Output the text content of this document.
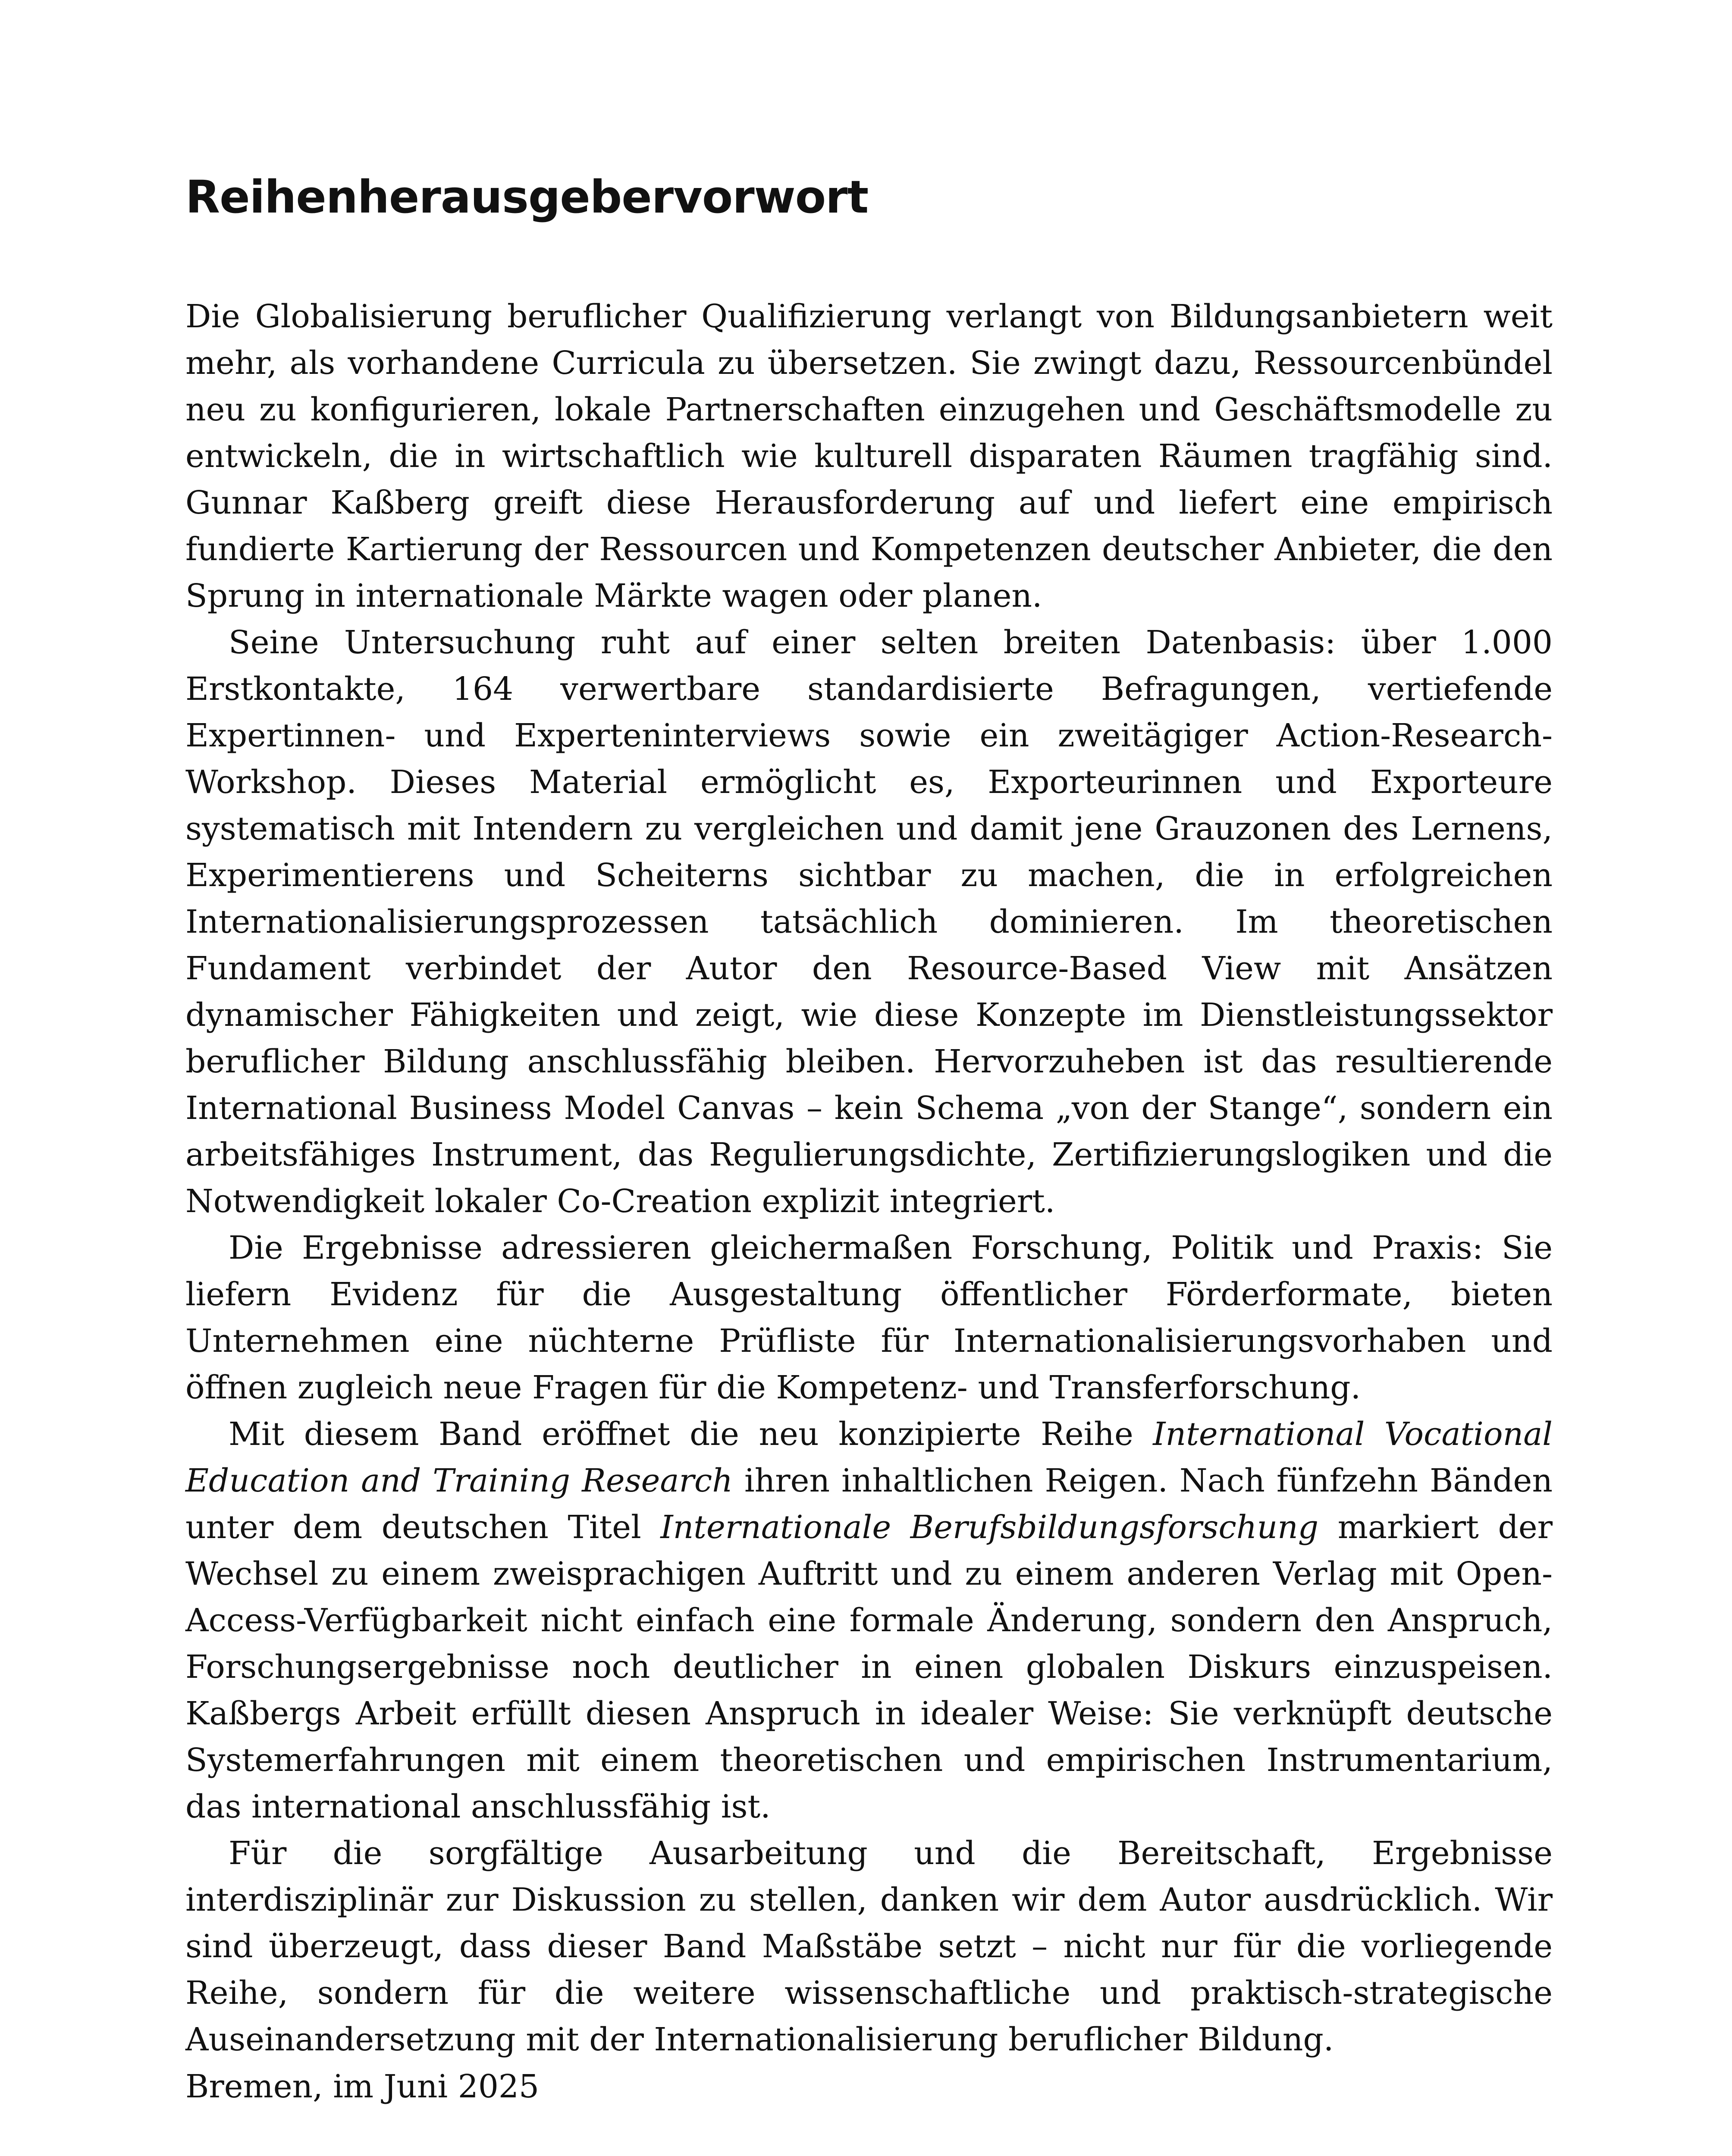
Reihenherausgebervorwort

Die Globalisierung beruflicher Qualifizierung verlangt von Bildungsanbietern weit mehr, als vorhandene Curricula zu übersetzen. Sie zwingt dazu, Ressourcenbündel neu zu konfigurieren, lokale Partnerschaften einzugehen und Geschäftsmodelle zu entwickeln, die in wirtschaftlich wie kulturell disparaten Räumen tragfähig sind. Gunnar Kaßberg greift diese Herausforderung auf und liefert eine empirisch fundierte Kartierung der Ressourcen und Kompetenzen deutscher Anbieter, die den Sprung in internationale Märkte wagen oder planen.

Seine Untersuchung ruht auf einer selten breiten Datenbasis: über 1.000 Erstkontakte, 164 verwertbare standardisierte Befragungen, vertiefende Expertinnen- und Experteninterviews sowie ein zweitägiger Action-Research-Workshop. Dieses Material ermöglicht es, Exporteurinnen und Exporteure systematisch mit Intendern zu vergleichen und damit jene Grauzonen des Lernens, Experimentierens und Scheiterns sichtbar zu machen, die in erfolgreichen Internationalisierungsprozessen tatsächlich dominieren. Im theoretischen Fundament verbindet der Autor den Resource-Based View mit Ansätzen dynamischer Fähigkeiten und zeigt, wie diese Konzepte im Dienstleistungssektor beruflicher Bildung anschlussfähig bleiben. Hervorzuheben ist das resultierende International Business Model Canvas – kein Schema „von der Stange“, sondern ein arbeitsfähiges Instrument, das Regulierungsdichte, Zertifizierungslogiken und die Notwendigkeit lokaler Co-Creation explizit integriert.

Die Ergebnisse adressieren gleichermaßen Forschung, Politik und Praxis: Sie liefern Evidenz für die Ausgestaltung öffentlicher Förderformate, bieten Unternehmen eine nüchterne Prüfliste für Internationalisierungsvorhaben und öffnen zugleich neue Fragen für die Kompetenz- und Transferforschung.

Mit diesem Band eröffnet die neu konzipierte Reihe International Vocational Education and Training Research ihren inhaltlichen Reigen. Nach fünfzehn Bänden unter dem deutschen Titel Internationale Berufsbildungsforschung markiert der Wechsel zu einem zweisprachigen Auftritt und zu einem anderen Verlag mit Open-Access-Verfügbarkeit nicht einfach eine formale Änderung, sondern den Anspruch, Forschungsergebnisse noch deutlicher in einen globalen Diskurs einzuspeisen. Kaßbergs Arbeit erfüllt diesen Anspruch in idealer Weise: Sie verknüpft deutsche Systemerfahrungen mit einem theoretischen und empirischen Instrumentarium, das international anschlussfähig ist.

Für die sorgfältige Ausarbeitung und die Bereitschaft, Ergebnisse interdisziplinär zur Diskussion zu stellen, danken wir dem Autor ausdrücklich. Wir sind überzeugt, dass dieser Band Maßstäbe setzt – nicht nur für die vorliegende Reihe, sondern für die weitere wissenschaftliche und praktisch-strategische Auseinandersetzung mit der Internationalisierung beruflicher Bildung.

Bremen, im Juni 2025
